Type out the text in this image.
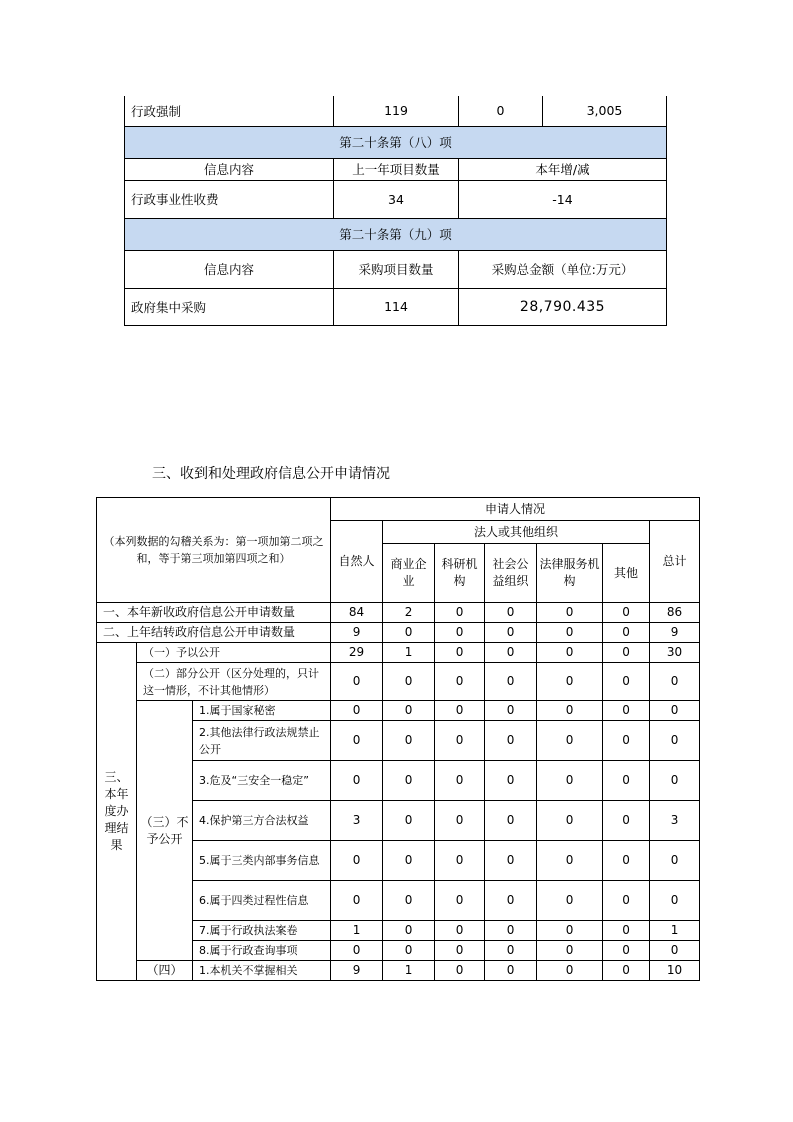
行政强制	119	0	3,005
第二十条第（八）项			
信息内容	上一年项目数量	本年增/减	
行政事业性收费	34	-14	
第二十条第（九）项			
信息内容	采购项目数量	采购总金额（单位:万元）	
政府集中采购	114	28,790.435	
三、收到和处理政府信息公开申请情况
（本列数据的勾稽关系为：第一项加第二项之和，等于第三项加第四项之和）			申请人情况						
			自然人	法人或其他组织					总计
				商业企业	科研机构	社会公益组织	法律服务机构	其他	

一、本年新收政府信息公开申请数量			84	2	0	0	0	0	86
二、上年结转政府信息公开申请数量			9	0	0	0	0	0	9
三、本年度办理结果	（一）予以公开		29	1	0	0	0	0	30
	（二）部分公开（区分处理的，只计这一情形，不计其他情形）		0	0	0	0	0	0	0
	（三）不予公开	1.属于国家秘密	0	0	0	0	0	0	0
		2.其他法律行政法规禁止公开	0	0	0	0	0	0	0
		3.危及“三安全一稳定”	0	0	0	0	0	0	0
		4.保护第三方合法权益	3	0	0	0	0	0	3
		5.属于三类内部事务信息	0	0	0	0	0	0	0
		6.属于四类过程性信息	0	0	0	0	0	0	0
		7.属于行政执法案卷	1	0	0	0	0	0	1
		8.属于行政查询事项	0	0	0	0	0	0	0
	（四）	1.本机关不掌握相关	9	1	0	0	0	0	10
